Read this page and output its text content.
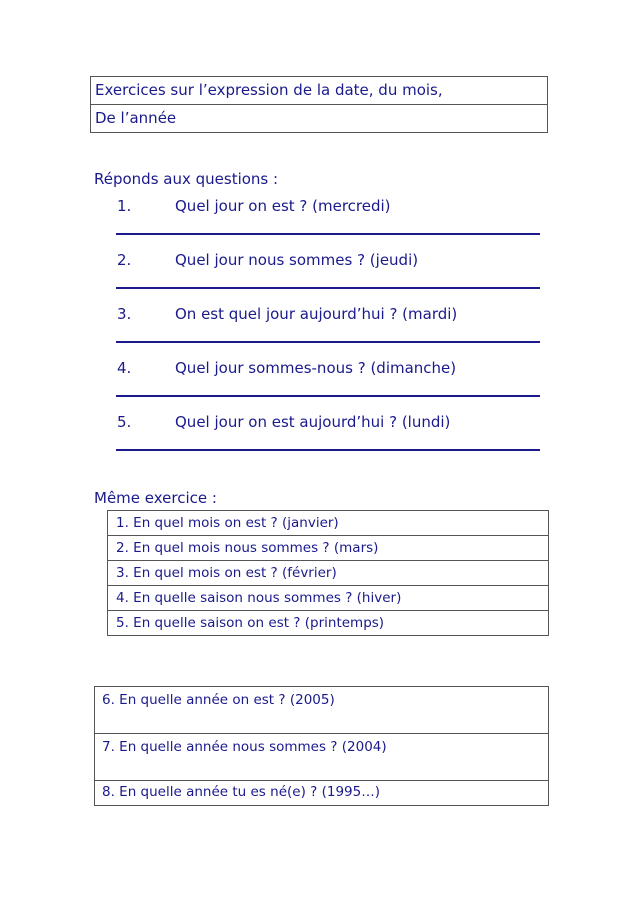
Exercices sur l’expression de la date, du mois,
De l’année
Réponds aux questions :
1.	Quel jour on est ? (mercredi)
2.	Quel jour nous sommes ? (jeudi)
3.	On est quel jour aujourd’hui ? (mardi)
4.	Quel jour sommes-nous ? (dimanche)
5.	Quel jour on est aujourd’hui ? (lundi)
Même exercice :
1. En quel mois on est ? (janvier)
2. En quel mois nous sommes ? (mars)
3. En quel mois on est ? (février)
4. En quelle saison nous sommes ? (hiver)
5. En quelle saison on est ? (printemps)
6. En quelle année on est ? (2005)
7. En quelle année nous sommes ? (2004)
8. En quelle année tu es né(e) ? (1995…)
